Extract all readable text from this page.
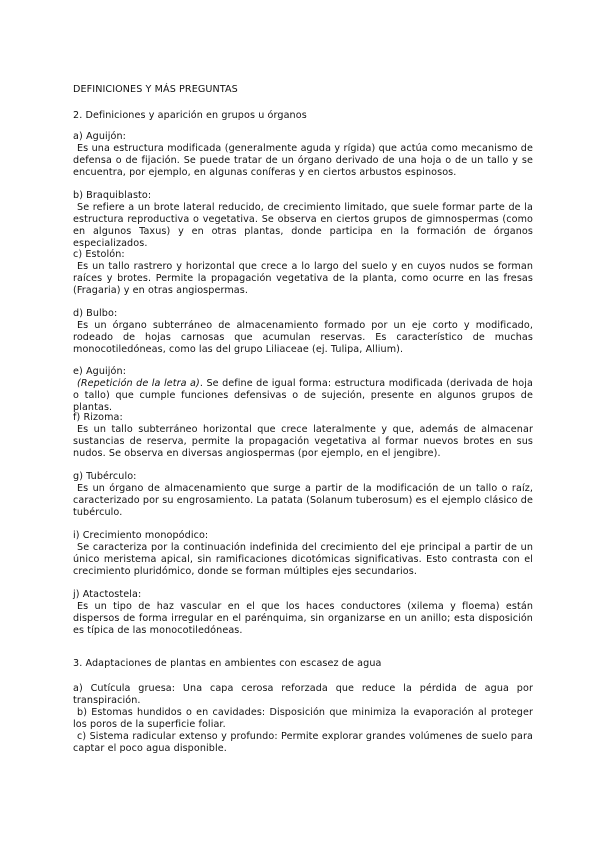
DEFINICIONES Y MÁS PREGUNTAS
2. Definiciones y aparición en grupos u órganos
a) Aguijón:
Es una estructura modificada (generalmente aguda y rígida) que actúa como mecanismo de defensa o de fijación. Se puede tratar de un órgano derivado de una hoja o de un tallo y se encuentra, por ejemplo, en algunas coníferas y en ciertos arbustos espinosos.
b) Braquiblasto:
Se refiere a un brote lateral reducido, de crecimiento limitado, que suele formar parte de la estructura reproductiva o vegetativa. Se observa en ciertos grupos de gimnospermas (como en algunos Taxus) y en otras plantas, donde participa en la formación de órganos especializados.
c) Estolón:
Es un tallo rastrero y horizontal que crece a lo largo del suelo y en cuyos nudos se forman raíces y brotes. Permite la propagación vegetativa de la planta, como ocurre en las fresas (Fragaria) y en otras angiospermas.
d) Bulbo:
Es un órgano subterráneo de almacenamiento formado por un eje corto y modificado, rodeado de hojas carnosas que acumulan reservas. Es característico de muchas monocotiledóneas, como las del grupo Liliaceae (ej. Tulipa, Allium).
e) Aguijón:
(Repetición de la letra a). Se define de igual forma: estructura modificada (derivada de hoja o tallo) que cumple funciones defensivas o de sujeción, presente en algunos grupos de plantas.
f) Rizoma:
Es un tallo subterráneo horizontal que crece lateralmente y que, además de almacenar sustancias de reserva, permite la propagación vegetativa al formar nuevos brotes en sus nudos. Se observa en diversas angiospermas (por ejemplo, en el jengibre).
g) Tubérculo:
Es un órgano de almacenamiento que surge a partir de la modificación de un tallo o raíz, caracterizado por su engrosamiento. La patata (Solanum tuberosum) es el ejemplo clásico de tubérculo.
i) Crecimiento monopódico:
Se caracteriza por la continuación indefinida del crecimiento del eje principal a partir de un único meristema apical, sin ramificaciones dicotómicas significativas. Esto contrasta con el crecimiento pluridómico, donde se forman múltiples ejes secundarios.
j) Atactostela:
Es un tipo de haz vascular en el que los haces conductores (xilema y floema) están dispersos de forma irregular en el parénquima, sin organizarse en un anillo; esta disposición es típica de las monocotiledóneas.
3. Adaptaciones de plantas en ambientes con escasez de agua
a) Cutícula gruesa: Una capa cerosa reforzada que reduce la pérdida de agua por transpiración.
b) Estomas hundidos o en cavidades: Disposición que minimiza la evaporación al proteger los poros de la superficie foliar.
c) Sistema radicular extenso y profundo: Permite explorar grandes volúmenes de suelo para captar el poco agua disponible.
